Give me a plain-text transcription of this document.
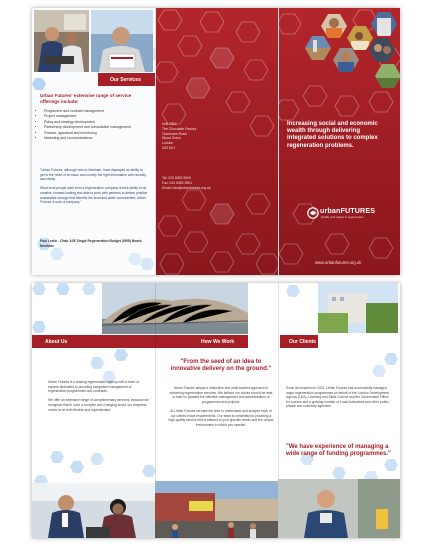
Our Services
Urban Futures' extensive range of service offerings include:
• Programme and contract management
• Project management
• Policy and strategy development
• Partnership development and consultation management
• Finance, appraisal and monitoring
• Marketing and communications
"Urban Futures, although new to Newham, have displayed an ability to get to the heart of an issue and convey the right information with honesty and clarity.

What local people want from a regeneration company is their ability to be creative, forward-looking and able to work with partners to deliver positive sustainable change that benefits the local and wider communities; Urban Futures is such a company."
Paul Leslie - Chair A2E Single Regeneration Budget (SRB) Board, Newham
Unit 4312
The Chocolate Factory
Clarendon Road
Wood Green
London
N22 6XJ
Tel: 020 8352 5900
Fax: 020 8352 5901
Email: info@urbanfutures.org.uk
Increasing social and economic wealth through delivering integrated solutions to complex regeneration problems.
urbanFUTURES
Quality and values in regeneration
www.urbanfutures.org.uk
About Us	How We Work	Our Clients
Urban Futures is a leading regeneration agency with a team of experts dedicated to providing integrated management of regeneration programmes and contracts.

We offer an extensive range of complementary services, because we recognise that in such a complex and changing world, our response needs to be both flexible and sophisticated.
"From the seed of an idea to innovative delivery on the ground."
Urban Futures adopts a distinctive and multi-faceted approach to delivering regeneration services. We believe our clients should be able to take for granted the effective management and administration of programmes and projects.

At Urban Futures we take the time to understand and analyse each of our clients' exact requirements. Our team is committed to providing a high quality service that is tailored to your specific needs and the unique environment in which you operate.
Since its inception in 2001, Urban Futures has successfully managed major regeneration programmes on behalf of the London Development Agency (LDA), Learning and Skills Council and the Government Office for London and a growing number of Local Authorities and other public, private and voluntary agencies.
"We have experience of managing a wide range of funding programmes."
